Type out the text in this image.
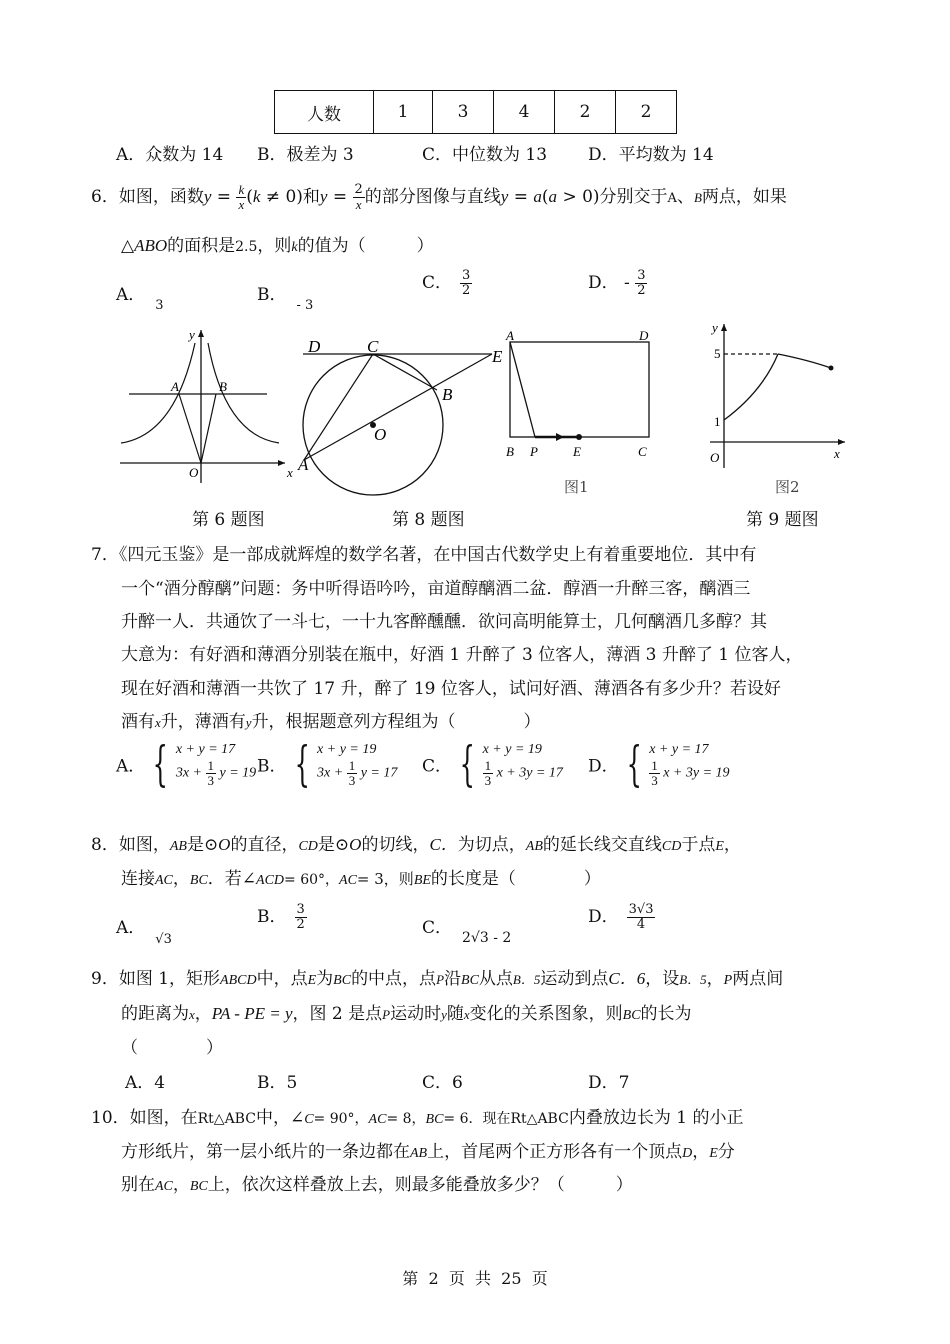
人数	1	3	4	2	2
A．众数为 14 B．极差为 3	C．中位数为 13 D．平均数为 14
6．如图，函数$y = \frac{k}{x} (k \ne 0)$和$y = \frac{2}{x}$ 的部分图像与直线y = a(a > 0)分别交于A、B两点，如果
△ABO的面积是2.5，则k的值为（　　　）
A．$_3$
B．$_{- 3}$
C． $\frac{3}{2}$	D． - $\frac{3}{2}$
y
A	B
O	x
D	C
E
B
O
A
A	D
B P	E	C
图1
y
5
1
O	x
图2
第 6 题图	第 8 题图	第 9 题图
7．《四元玉鉴》是一部成就辉煌的数学名著，在中国古代数学史上有着重要地位．其中有
一个“酒分醇醨”问题：务中听得语吟吟，亩道醇醨酒二盆．醇酒一升醉三客，醨酒三
升醉一人．共通饮了一斗七，一十九客醉醺醺．欲问高明能算士，几何醨酒几多醇？其
大意为：有好酒和薄酒分别装在瓶中，好酒 1 升醉了 3 位客人，薄酒 3 升醉了 1 位客人，
现在好酒和薄酒一共饮了 17 升，醉了 19 位客人，试问好酒、薄酒各有多少升？若设好
酒有x升，薄酒有y升，根据题意列方程组为（　　　　）
A． { x + y = 17
$3x + \frac{1}{3}$ y = 19 B． { x + y = 19
$3x + \frac{1}{3}$ y = 17 C． { x + y = 19

$\frac{1}{3}$ x + 3y = 17 D． { x + y = 17

$\frac{1}{3}$ x + 3y = 19
8．如图，AB是⊙O的直径，CD是⊙O的切线，C．为切点，AB的延长线交直线CD于点E，
连接AC，BC．若∠ACD= 60°，AC= 3，则BE的长度是（　　　　）
A．$_{√3}$
B． $\frac{3}{2}$	C． $_{2√3 - 2}$
D． $\frac{3√3}{4}$
9．如图 1，矩形ABCD中，点E为BC的中点，点P沿BC从点B．5运动到点C．6，设B．5，P两点间
的距离为x，PA - PE = y，图 2 是点P运动时y随x变化的关系图象，则BC的长为
（　　　　）
A．4	B．5	C．6	D．7
10．如图，在Rt△ABC中，∠C= 90°，AC= 8，BC= 6．现在Rt△ABC内叠放边长为 1 的小正
方形纸片，第一层小纸片的一条边都在AB上，首尾两个正方形各有一个顶点D，E分
别在AC，BC上，依次这样叠放上去，则最多能叠放多少？（　　　）
第  2  页  共  25  页
